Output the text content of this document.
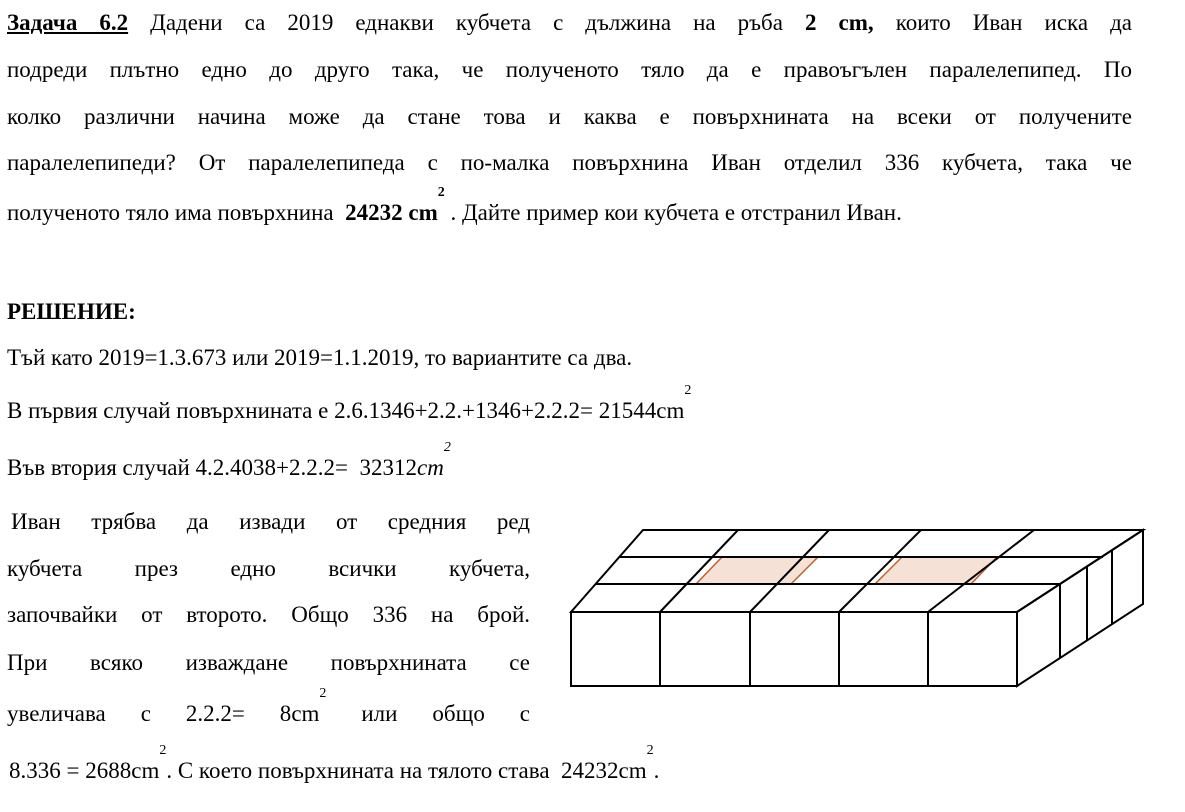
Задача 6.2 Дадени са 2019 еднакви кубчета с дължина на ръба 2 cm, които Иван иска да
подреди плътно едно до друго така, че полученото тяло да е правоъгълен паралелепипед. По
колко различни начина може да стане това и каква е повърхнината на всеки от получените
паралелепипеди? От паралелепипеда с по-малка повърхнина Иван отделил 336 кубчета, така че
полученото тяло има повърхнина 24232 $cm^2$ . Дайте пример кои кубчета е отстранил Иван.
РЕШЕНИЕ:
Тъй като 2019=1.3.673 или 2019=1.1.2019, то вариантите са два.
В първия случай повърхнината е $2.6.1346+2.2.+1346+2.2.2= 21544cm^2$
Във втория случай $4.2.4038+2.2.2= 32312cm^2$
Иван трябва да извади от средния ред
кубчета през едно всички кубчета,
започвайки от второто. Общо 336 на брой.
При всяко изваждане повърхнината се
увеличава с $2.2.2= 8cm^2$ или общо с
$8.336 = 2688cm^2$. С което повърхнината на тялото става $24232cm^2$.
